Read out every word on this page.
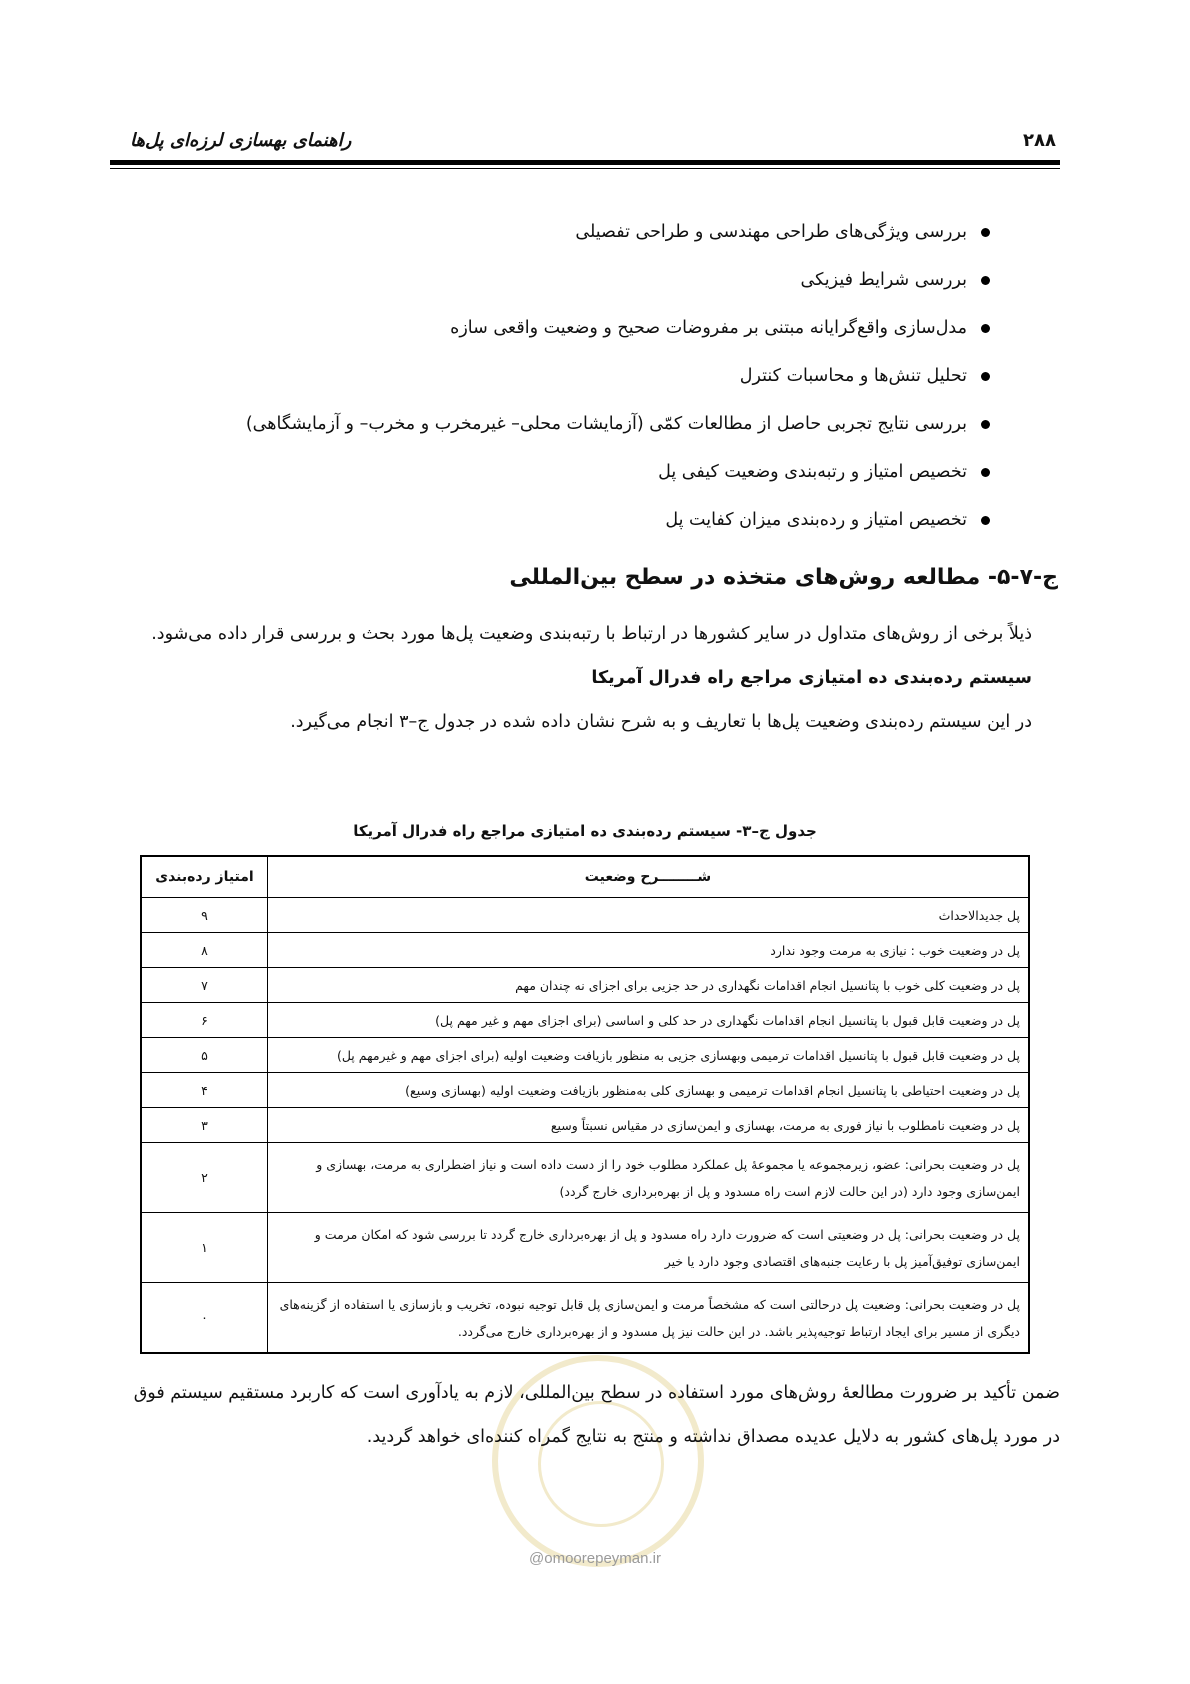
۲۸۸
راهنمای بهسازی لرزه‌ای پل‌ها
بررسی ویژگی‌های طراحی مهندسی و طراحی تفصیلی
بررسی شرایط فیزیکی
مدل‌سازی واقع‌گرایانه مبتنی بر مفروضات صحیح و وضعیت واقعی سازه
تحلیل تنش‌ها و محاسبات کنترل
بررسی نتایج تجربی حاصل از مطالعات کمّی (آزمایشات محلی– غیرمخرب و مخرب– و آزمایشگاهی)
تخصیص امتیاز و رتبه‌بندی وضعیت کیفی پل
تخصیص امتیاز و رده‌بندی میزان کفایت پل
ج-۷-۵- مطالعه روش‌های متخذه در سطح بین‌المللی
ذیلاً برخی از روش‌های متداول در سایر کشورها در ارتباط با رتبه‌بندی وضعیت پل‌ها مورد بحث و بررسی قرار داده می‌شود.
سیستم رده‌بندی ده امتیازی مراجع راه فدرال آمریکا
در این سیستم رده‌بندی وضعیت پل‌ها با تعاریف و به شرح نشان داده شده در جدول ج–۳ انجام می‌گیرد.
جدول ج–۳- سیستم رده‌بندی ده امتیازی مراجع راه فدرال آمریکا
شــــــــرح وضعیت	امتیاز رده‌بندی
پل جدیدالاحداث	۹
پل در وضعیت خوب : نیازی به مرمت وجود ندارد	۸
پل در وضعیت کلی خوب با پتانسیل انجام اقدامات نگهداری در حد جزیی برای اجزای نه چندان مهم	۷
پل در وضعیت قابل قبول با پتانسیل انجام اقدامات نگهداری در حد کلی و اساسی (برای اجزای مهم و غیر مهم پل)	۶
پل در وضعیت قابل قبول با پتانسیل اقدامات ترمیمی وبهسازی جزیی به منظور بازیافت وضعیت اولیه (برای اجزای مهم و غیرمهم پل)	۵
پل در وضعیت احتیاطی با پتانسیل انجام اقدامات ترمیمی و بهسازی کلی به‌منظور بازیافت وضعیت اولیه (بهسازی وسیع)	۴
پل در وضعیت نامطلوب با نیاز فوری به مرمت، بهسازی و ایمن‌سازی در مقیاس نسبتاً وسیع	۳
پل در وضعیت بحرانی: عضو، زیرمجموعه یا مجموعهٔ پل عملکرد مطلوب خود را از دست داده است و نیاز اضطراری به مرمت، بهسازی و ایمن‌سازی وجود دارد (در این حالت لازم است راه مسدود و پل از بهره‌برداری خارج گردد)	۲
پل در وضعیت بحرانی: پل در وضعیتی است که ضرورت دارد راه مسدود و پل از بهره‌برداری خارج گردد تا بررسی شود که امکان مرمت و ایمن‌سازی توفیق‌آمیز پل با رعایت جنبه‌های اقتصادی وجود دارد یا خیر	۱
پل در وضعیت بحرانی: وضعیت پل درحالتی است که مشخصاً مرمت و ایمن‌سازی پل قابل توجیه نبوده، تخریب و بازسازی یا استفاده از گزینه‌های دیگری از مسیر برای ایجاد ارتباط توجیه‌پذیر باشد. در این حالت نیز پل مسدود و از بهره‌برداری خارج می‌گردد.	۰
ضمن تأکید بر ضرورت مطالعهٔ روش‌های مورد استفاده در سطح بین‌المللی، لازم به یادآوری است که کاربرد مستقیم سیستم فوق
در مورد پل‌های کشور به دلایل عدیده مصداق نداشته و منتج به نتایج گمراه کننده‌ای خواهد گردید.
@omoorepeyman.ir
